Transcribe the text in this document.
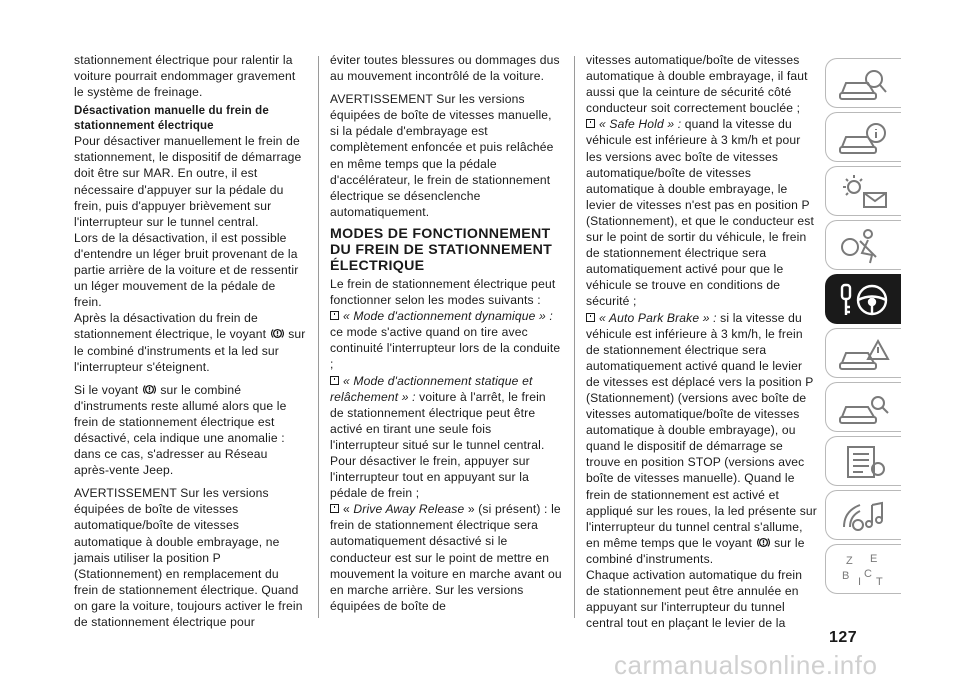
stationnement électrique pour ralentir la voiture pourrait endommager gravement le système de freinage.

Désactivation manuelle du frein de stationnement électrique

Pour désactiver manuellement le frein de stationnement, le dispositif de démarrage doit être sur MAR. En outre, il est nécessaire d'appuyer sur la pédale du frein, puis d'appuyer brièvement sur l'interrupteur sur le tunnel central.

Lors de la désactivation, il est possible d'entendre un léger bruit provenant de la partie arrière de la voiture et de ressentir un léger mouvement de la pédale de frein.

Après la désactivation du frein de stationnement électrique, le voyant sur le combiné d'instruments et la led sur l'interrupteur s'éteignent.

Si le voyant sur le combiné d'instruments reste allumé alors que le frein de stationnement électrique est désactivé, cela indique une anomalie : dans ce cas, s'adresser au Réseau après-vente Jeep.

AVERTISSEMENT Sur les versions équipées de boîte de vitesses automatique/boîte de vitesses automatique à double embrayage, ne jamais utiliser la position P (Stationnement) en remplacement du frein de stationnement électrique. Quand on gare la voiture, toujours activer le frein de stationnement électrique pour

éviter toutes blessures ou dommages dus au mouvement incontrôlé de la voiture.

AVERTISSEMENT Sur les versions équipées de boîte de vitesses manuelle, si la pédale d'embrayage est complètement enfoncée et puis relâchée en même temps que la pédale d'accélérateur, le frein de stationnement électrique se désenclenche automatiquement.

MODES DE FONCTIONNEMENT DU FREIN DE STATIONNEMENT ÉLECTRIQUE

Le frein de stationnement électrique peut fonctionner selon les modes suivants :

« Mode d'actionnement dynamique » : ce mode s'active quand on tire avec continuité l'interrupteur lors de la conduite ;
« Mode d'actionnement statique et relâchement » : voiture à l'arrêt, le frein de stationnement électrique peut être activé en tirant une seule fois l'interrupteur situé sur le tunnel central. Pour désactiver le frein, appuyer sur l'interrupteur tout en appuyant sur la pédale de frein ;
« Drive Away Release » (si présent) : le frein de stationnement électrique sera automatiquement désactivé si le conducteur est sur le point de mettre en mouvement la voiture en marche avant ou en marche arrière. Sur les versions équipées de boîte de

vitesses automatique/boîte de vitesses automatique à double embrayage, il faut aussi que la ceinture de sécurité côté conducteur soit correctement bouclée ;

« Safe Hold » : quand la vitesse du véhicule est inférieure à 3 km/h et pour les versions avec boîte de vitesses automatique/boîte de vitesses automatique à double embrayage, le levier de vitesses n'est pas en position P (Stationnement), et que le conducteur est sur le point de sortir du véhicule, le frein de stationnement électrique sera automatiquement activé pour que le véhicule se trouve en conditions de sécurité ;
« Auto Park Brake » : si la vitesse du véhicule est inférieure à 3 km/h, le frein de stationnement électrique sera automatiquement activé quand le levier de vitesses est déplacé vers la position P (Stationnement) (versions avec boîte de vitesses automatique/boîte de vitesses automatique à double embrayage), ou quand le dispositif de démarrage se trouve en position STOP (versions avec boîte de vitesses manuelle). Quand le frein de stationnement est activé et appliqué sur les roues, la led présente sur l'interrupteur du tunnel central s'allume, en même temps que le voyant sur le combiné d'instruments.

Chaque activation automatique du frein de stationnement peut être annulée en appuyant sur l'interrupteur du tunnel central tout en plaçant le levier de la

Z E
B I
C
T
127
carmanualsonline.info
